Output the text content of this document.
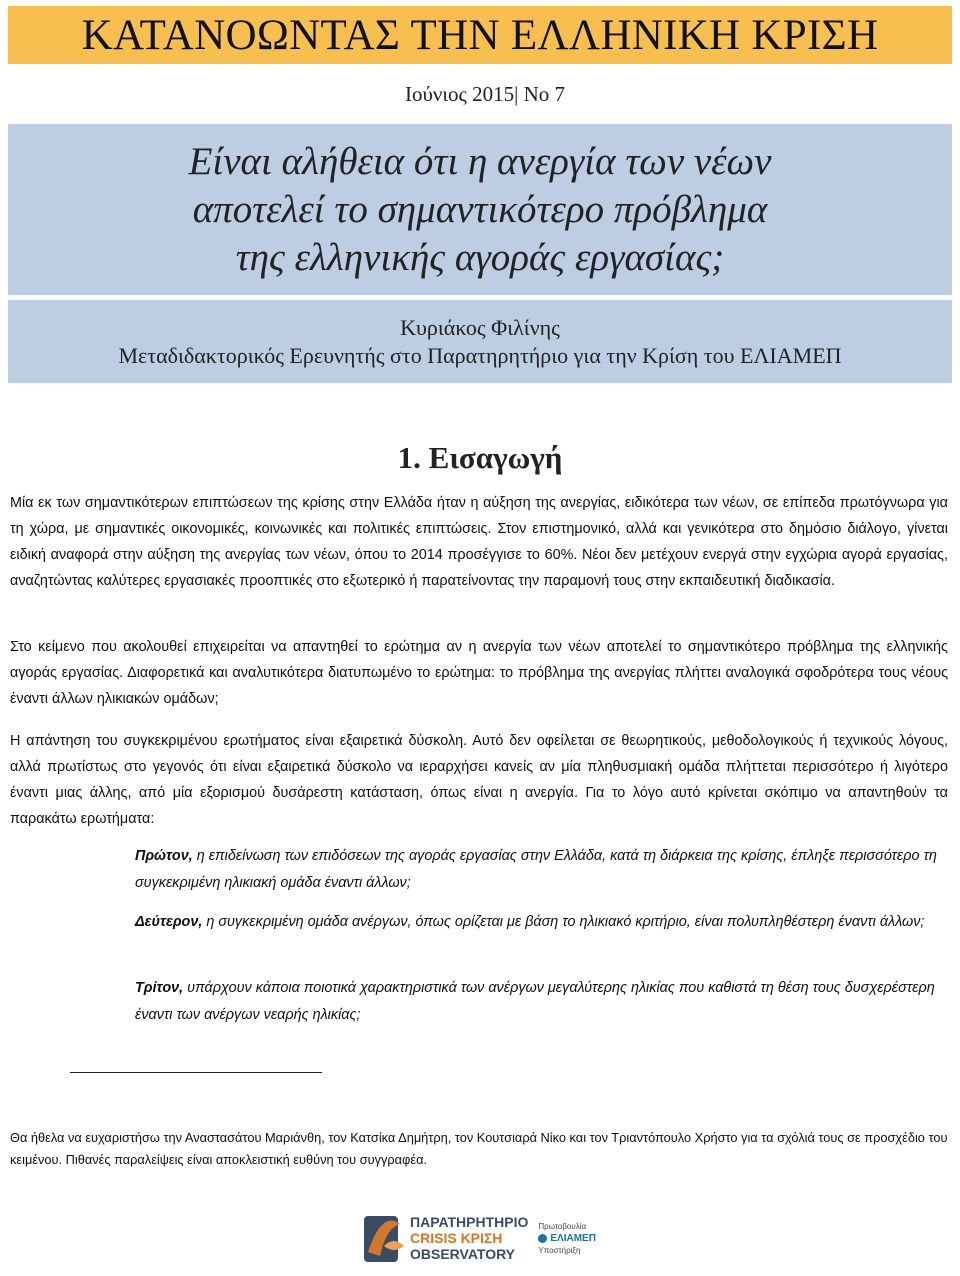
ΚΑΤΑΝΟΩΝΤΑΣ ΤΗΝ ΕΛΛΗΝΙΚΗ ΚΡΙΣΗ
Ιούνιος 2015| Νο 7
Είναι αλήθεια ότι η ανεργία των νέων
αποτελεί το σημαντικότερο πρόβλημα
της ελληνικής αγοράς εργασίας;
Κυριάκος Φιλίνης
Μεταδιδακτορικός Ερευνητής στο Παρατηρητήριο για την Κρίση του ΕΛΙΑΜΕΠ
1. Εισαγωγή

Μία εκ των σημαντικότερων επιπτώσεων της κρίσης στην Ελλάδα ήταν η αύξηση της ανεργίας, ειδικότερα των νέων, σε επίπεδα πρωτόγνωρα για τη χώρα, με σημαντικές οικονομικές, κοινωνικές και πολιτικές επιπτώσεις. Στον επιστημονικό, αλλά και γενικότερα στο δημόσιο διάλογο, γίνεται ειδική αναφορά στην αύξηση της ανεργίας των νέων, όπου το 2014 προσέγγισε το 60%. Νέοι δεν μετέχουν ενεργά στην εγχώρια αγορά εργασίας, αναζητώντας καλύτερες εργασιακές προοπτικές στο εξωτερικό ή παρατείνοντας την παραμονή τους στην εκπαιδευτική διαδικασία.

Στο κείμενο που ακολουθεί επιχειρείται να απαντηθεί το ερώτημα αν η ανεργία των νέων αποτελεί το σημαντικότερο πρόβλημα της ελληνικής αγοράς εργασίας. Διαφορετικά και αναλυτικότερα διατυπωμένο το ερώτημα: το πρόβλημα της ανεργίας πλήττει αναλογικά σφοδρότερα τους νέους έναντι άλλων ηλικιακών ομάδων;

Η απάντηση του συγκεκριμένου ερωτήματος είναι εξαιρετικά δύσκολη. Αυτό δεν οφείλεται σε θεωρητικούς, μεθοδολογικούς ή τεχνικούς λόγους, αλλά πρωτίστως στο γεγονός ότι είναι εξαιρετικά δύσκολο να ιεραρχήσει κανείς αν μία πληθυσμιακή ομάδα πλήττεται περισσότερο ή λιγότερο έναντι μιας άλλης, από μία εξορισμού δυσάρεστη κατάσταση, όπως είναι η ανεργία. Για το λόγο αυτό κρίνεται σκόπιμο να απαντηθούν τα παρακάτω ερωτήματα:

Πρώτον, η επιδείνωση των επιδόσεων της αγοράς εργασίας στην Ελλάδα, κατά τη διάρκεια της κρίσης, έπληξε περισσότερο τη συγκεκριμένη ηλικιακή ομάδα έναντι άλλων;
Δεύτερον, η συγκεκριμένη ομάδα ανέργων, όπως ορίζεται με βάση το ηλικιακό κριτήριο, είναι πολυπληθέστερη έναντι άλλων;
Τρίτον, υπάρχουν κάποια ποιοτικά χαρακτηριστικά των ανέργων μεγαλύτερης ηλικίας που καθιστά τη θέση τους δυσχερέστερη έναντι των ανέργων νεαρής ηλικίας;
Θα ήθελα να ευχαριστήσω την Αναστασάτου Μαριάνθη, τον Κατσίκα Δημήτρη, τον Κουτσιαρά Νίκο και τον Τριαντόπουλο Χρήστο για τα σχόλιά τους σε προσχέδιο του κειμένου. Πιθανές παραλείψεις είναι αποκλειστική ευθύνη του συγγραφέα.
ΠΑΡΑΤΗΡΗΤΗΡΙΟ
CRISIS ΚΡΙΣΗ
OBSERVATORY
Πρωτοβουλία
ΕΛΙΑΜΕΠ
Υποστήριξη
